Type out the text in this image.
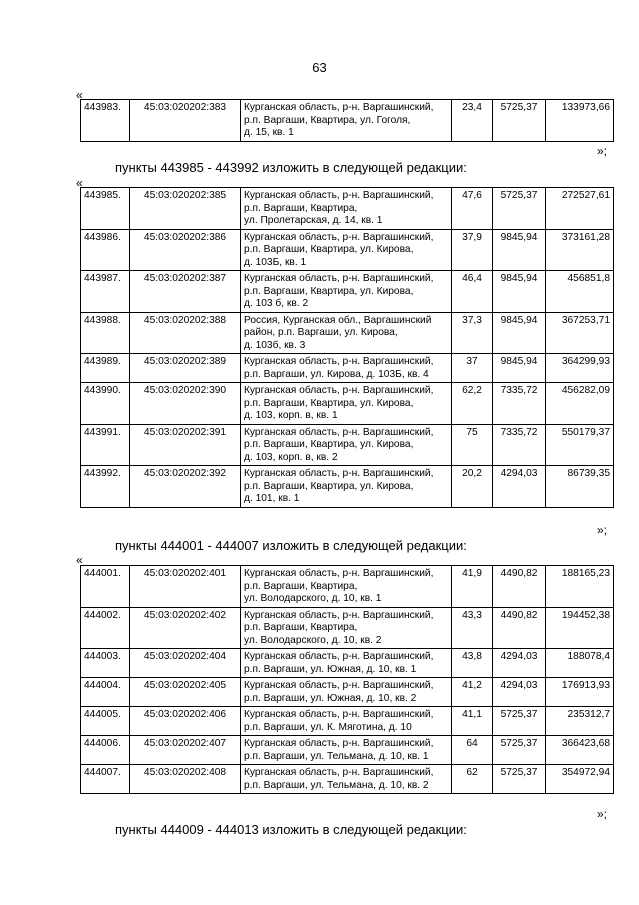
63
«
443983.	45:03:020202:383	Курганская область, р-н. Варгашинский,
р.п. Варгаши, Квартира, ул. Гоголя,
д. 15, кв. 1
	23,4	5725,37	133973,66
»;
пункты 443985 - 443992 изложить в следующей редакции:
«
443985.	45:03:020202:385	Курганская область, р-н. Варгашинский,
р.п. Варгаши, Квартира,
ул. Пролетарская, д. 14, кв. 1	47,6	5725,37	272527,61
443986.	45:03:020202:386	Курганская область, р-н. Варгашинский,
р.п. Варгаши, Квартира, ул. Кирова,
д. 103Б, кв. 1	37,9	9845,94	373161,28
443987.	45:03:020202:387	Курганская область, р-н. Варгашинский,
р.п. Варгаши, Квартира, ул. Кирова,
д. 103 б, кв. 2	46,4	9845,94	456851,8
443988.	45:03:020202:388	Россия, Курганская обл., Варгашинский
район, р.п. Варгаши, ул. Кирова,
д. 103б, кв. 3	37,3	9845,94	367253,71
443989.	45:03:020202:389	Курганская область, р-н. Варгашинский,
р.п. Варгаши, ул. Кирова, д. 103Б, кв. 4	37	9845,94	364299,93
443990.	45:03:020202:390	Курганская область, р-н. Варгашинский,
р.п. Варгаши, Квартира, ул. Кирова,
д. 103, корп. в, кв. 1	62,2	7335,72	456282,09
443991.	45:03:020202:391	Курганская область, р-н. Варгашинский,
р.п. Варгаши, Квартира, ул. Кирова,
д. 103, корп. в, кв. 2	75	7335,72	550179,37
443992.	45:03:020202:392	Курганская область, р-н. Варгашинский,
р.п. Варгаши, Квартира, ул. Кирова,
д. 101, кв. 1	20,2	4294,03	86739,35
»;
пункты 444001 - 444007 изложить в следующей редакции:
«
444001.	45:03:020202:401	Курганская область, р-н. Варгашинский,
р.п. Варгаши, Квартира,
ул. Володарского, д. 10, кв. 1	41,9	4490,82	188165,23
444002.	45:03:020202:402	Курганская область, р-н. Варгашинский,
р.п. Варгаши, Квартира,
ул. Володарского, д. 10, кв. 2	43,3	4490,82	194452,38
444003.	45:03:020202:404	Курганская область, р-н. Варгашинский,
р.п. Варгаши, ул. Южная, д. 10, кв. 1	43,8	4294,03	188078,4
444004.	45:03:020202:405	Курганская область, р-н. Варгашинский,
р.п. Варгаши, ул. Южная, д. 10, кв. 2	41,2	4294,03	176913,93
444005.	45:03:020202:406	Курганская область, р-н. Варгашинский,
р.п. Варгаши, ул. К. Мяготина, д. 10	41,1	5725,37	235312,7
444006.	45:03:020202:407	Курганская область, р-н. Варгашинский,
р.п. Варгаши, ул. Тельмана, д. 10, кв. 1	64	5725,37	366423,68
444007.	45:03:020202:408	Курганская область, р-н. Варгашинский,
р.п. Варгаши, ул. Тельмана, д. 10, кв. 2	62	5725,37	354972,94
»;
пункты 444009 - 444013 изложить в следующей редакции:
